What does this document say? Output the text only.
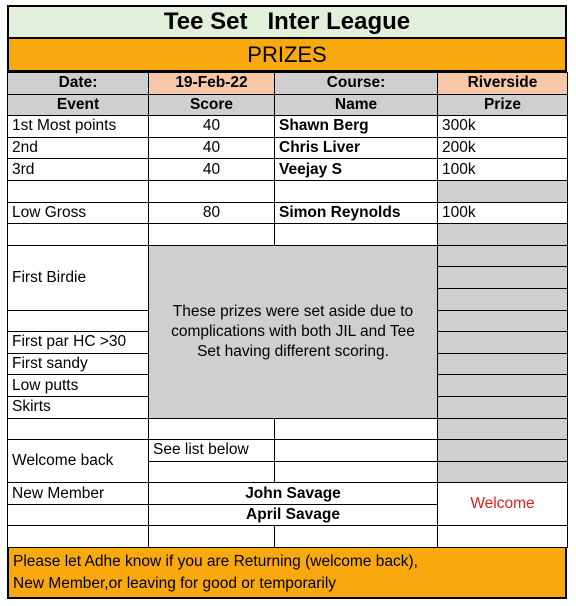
Tee Set   Inter League
PRIZES
Date:	19-Feb-22	Course:	Riverside
Event	Score	Name	Prize
1st Most points	40	Shawn Berg	300k
2nd	40	Chris Liver	200k
3rd	40	Veejay S	100k

Low Gross	80	Simon Reynolds	100k

First Birdie	These prizes were set aside due to complications with both JIL and Tee Set having different scoring.		

First par HC >30			
First sandy			
Low putts			
Skirts			

Welcome back	See list below		

New Member	John Savage		Welcome
	April Savage		

Please let Adhe know if you are Returning (welcome back),
New Member,or leaving for good or temporarily
